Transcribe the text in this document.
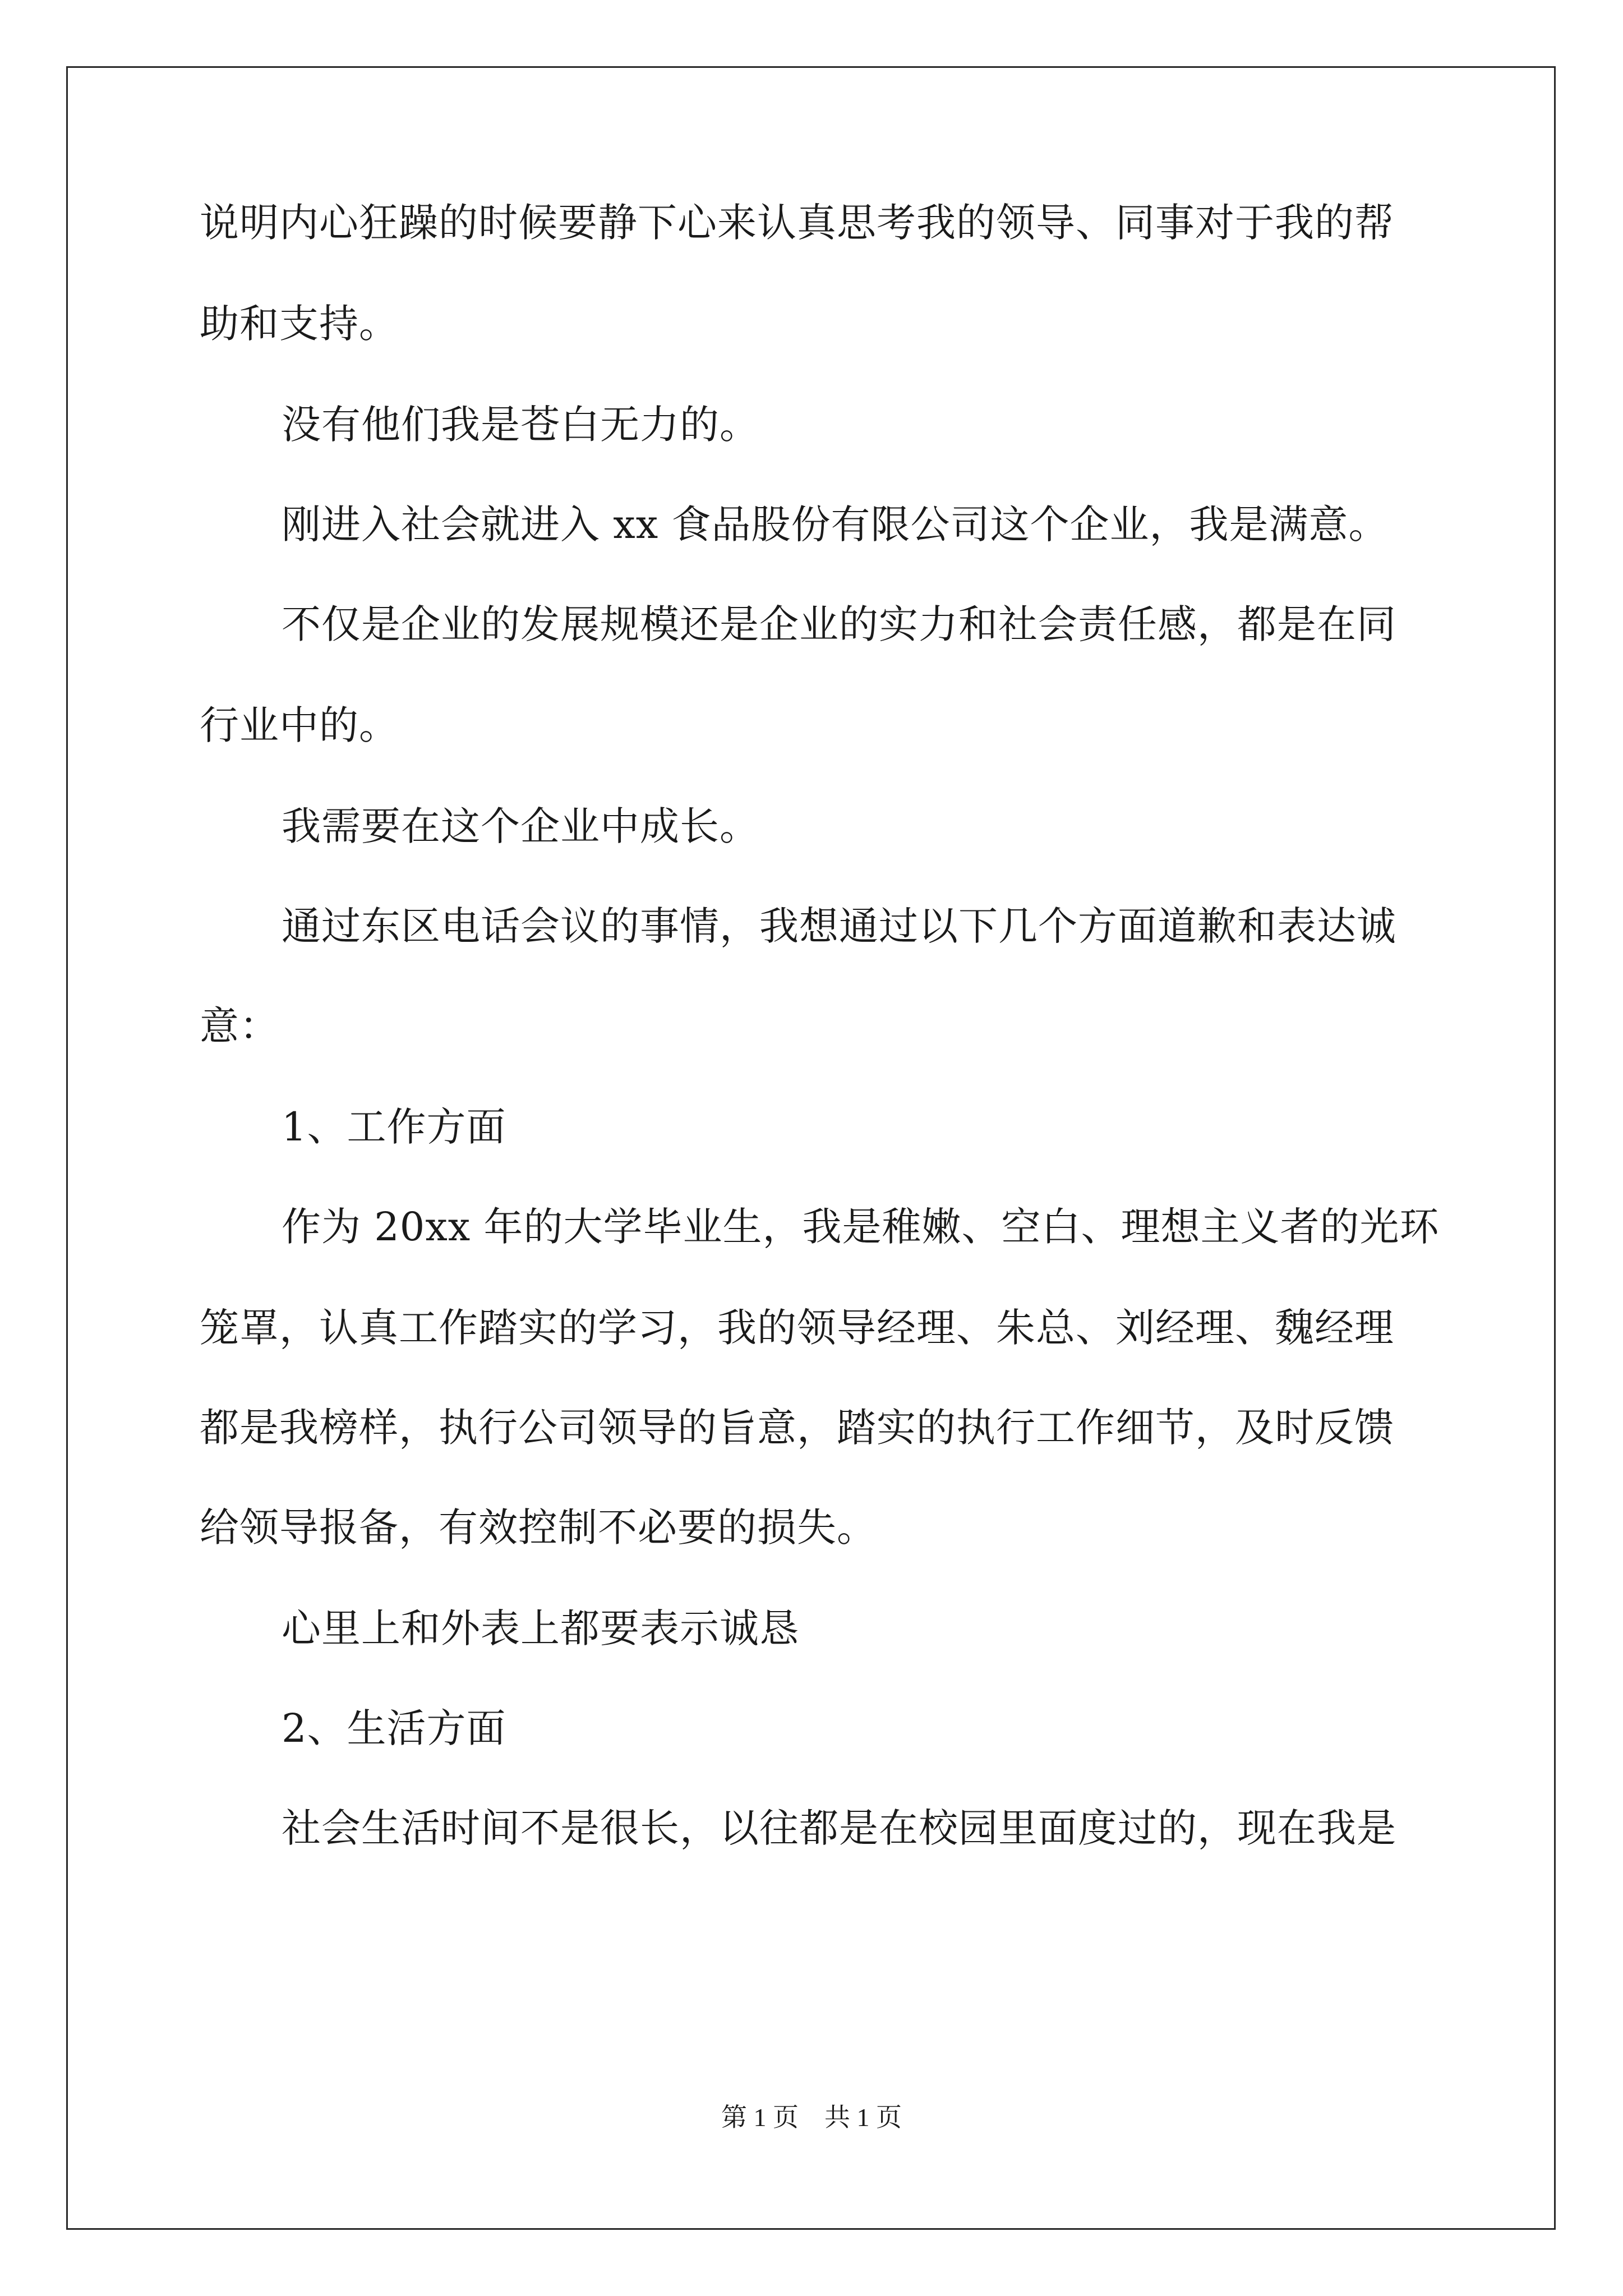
说明内心狂躁的时候要静下心来认真思考我的领导、同事对于我的帮
助和支持。
没有他们我是苍白无力的。
刚进入社会就进入 xx 食品股份有限公司这个企业，我是满意。
不仅是企业的发展规模还是企业的实力和社会责任感，都是在同
行业中的。
我需要在这个企业中成长。
通过东区电话会议的事情，我想通过以下几个方面道歉和表达诚
意：
1、工作方面
作为 20xx 年的大学毕业生，我是稚嫩、空白、理想主义者的光环
笼罩，认真工作踏实的学习，我的领导经理、朱总、刘经理、魏经理
都是我榜样，执行公司领导的旨意，踏实的执行工作细节，及时反馈
给领导报备，有效控制不必要的损失。
心里上和外表上都要表示诚恳
2、生活方面
社会生活时间不是很长，以往都是在校园里面度过的，现在我是
第 1 页    共 1 页
